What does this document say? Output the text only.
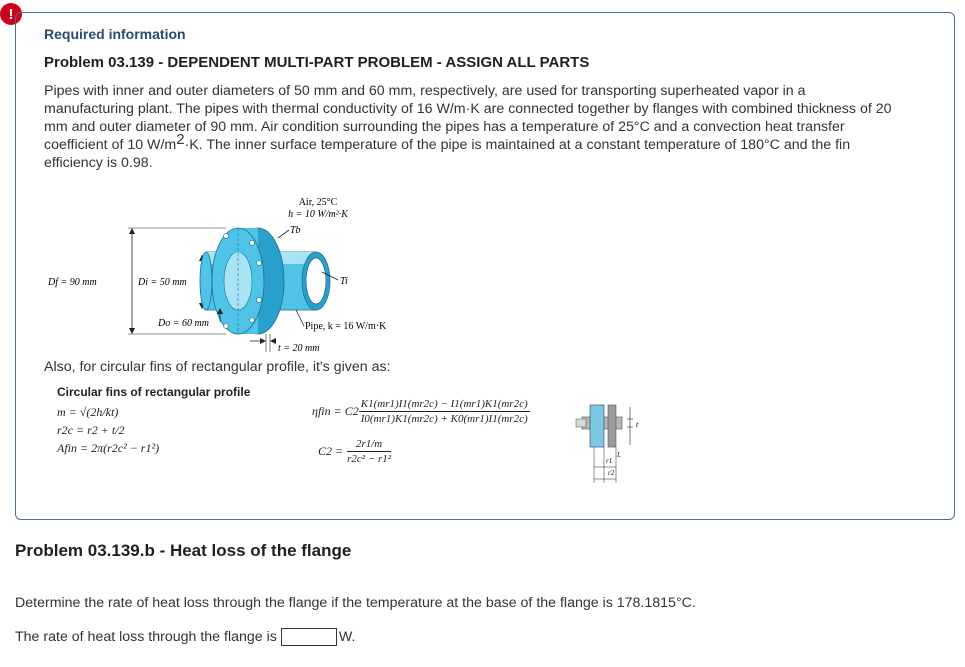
!
Required information
Problem 03.139 - DEPENDENT MULTI-PART PROBLEM - ASSIGN ALL PARTS
Pipes with inner and outer diameters of 50 mm and 60 mm, respectively, are used for transporting superheated vapor in a manufacturing plant. The pipes with thermal conductivity of 16 W/m·K are connected together by flanges with combined thickness of 20 mm and outer diameter of 90 mm. Air condition surrounding the pipes has a temperature of 25°C and a convection heat transfer coefficient of 10 $W/m^2\cdot K$. The inner surface temperature of the pipe is maintained at a constant temperature of 180°C and the fin efficiency is 0.98.
Air, 25°C
h = 10 W/m²·K
Tb
Df = 90 mm	Di = 50 mm	Ti
Do = 60 mm	Pipe, k = 16 W/m·K
t = 20 mm
Also, for circular fins of rectangular profile, it's given as:
Circular fins of rectangular profile
m = √(2h/kt)
r2c = r2 + t/2
Afin = 2π(r2c² − r1²)
$\eta fin = C2 \frac{K1(mr1)I1(mr2c) - I1(mr1)K1(mr2c)}{I0(mr1)K1(mr2c) + K0(mr1)I1(mr2c)}$
$C2 = \frac{2r1/m}{\text{r2c² − r1²}}$
t
L
r1
r2
Problem 03.139.b - Heat loss of the flange
Determine the rate of heat loss through the flange if the temperature at the base of the flange is 178.1815°C.
The rate of heat loss through the flange is	W.
